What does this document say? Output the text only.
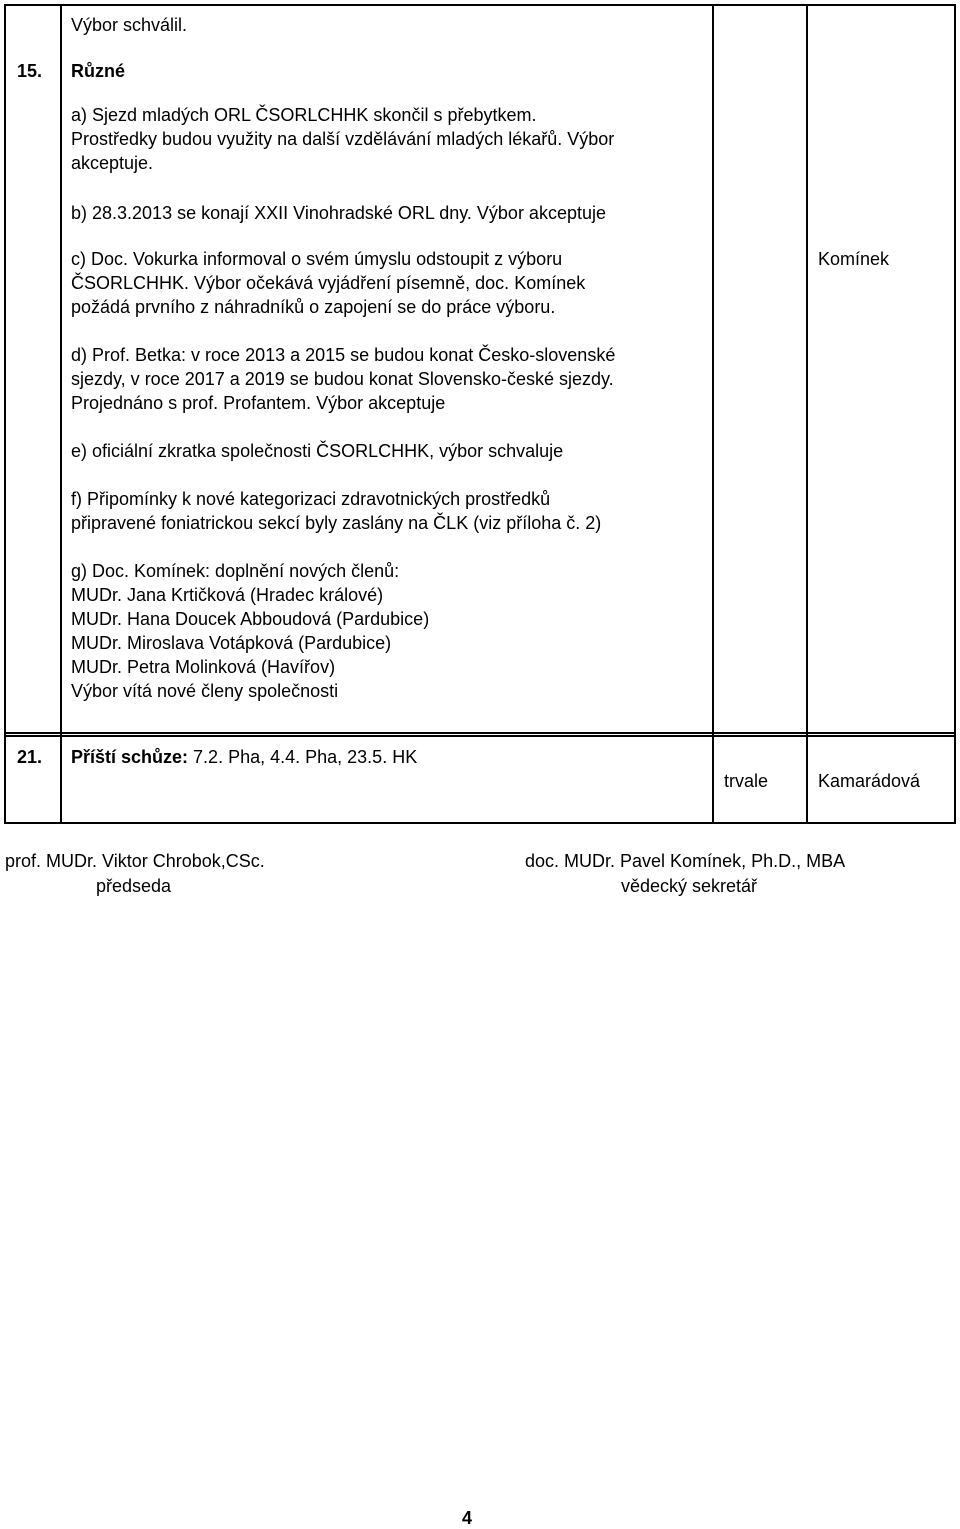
Výbor schválil.
15. Různé
a) Sjezd mladých ORL ČSORLCHHK skončil s přebytkem.
Prostředky budou využity na další vzdělávání mladých lékařů. Výbor
akceptuje.
b) 28.3.2013 se konají XXII Vinohradské ORL dny. Výbor akceptuje
c) Doc. Vokurka informoval o svém úmyslu odstoupit z výboru
ČSORLCHHK. Výbor očekává vyjádření písemně, doc. Komínek
požádá prvního z náhradníků o zapojení se do práce výboru.
Komínek
d) Prof. Betka: v roce 2013 a 2015 se budou konat Česko-slovenské
sjezdy, v roce 2017 a 2019 se budou konat Slovensko-české sjezdy.
Projednáno s prof. Profantem. Výbor akceptuje
e) oficiální zkratka společnosti ČSORLCHHK, výbor schvaluje
f) Připomínky k nové kategorizaci zdravotnických prostředků
připravené foniatrickou sekcí byly zaslány na ČLK (viz příloha č. 2)
g) Doc. Komínek: doplnění nových členů:
MUDr. Jana Krtičková (Hradec králové)
MUDr. Hana Doucek Abboudová (Pardubice)
MUDr. Miroslava Votápková (Pardubice)
MUDr. Petra Molinková (Havířov)
Výbor vítá nové členy společnosti
21. Příští schůze: 7.2. Pha, 4.4. Pha, 23.5. HK
trvale	Kamarádová
prof. MUDr. Viktor Chrobok,CSc.
předseda
doc. MUDr. Pavel Komínek, Ph.D., MBA
vědecký sekretář
4
